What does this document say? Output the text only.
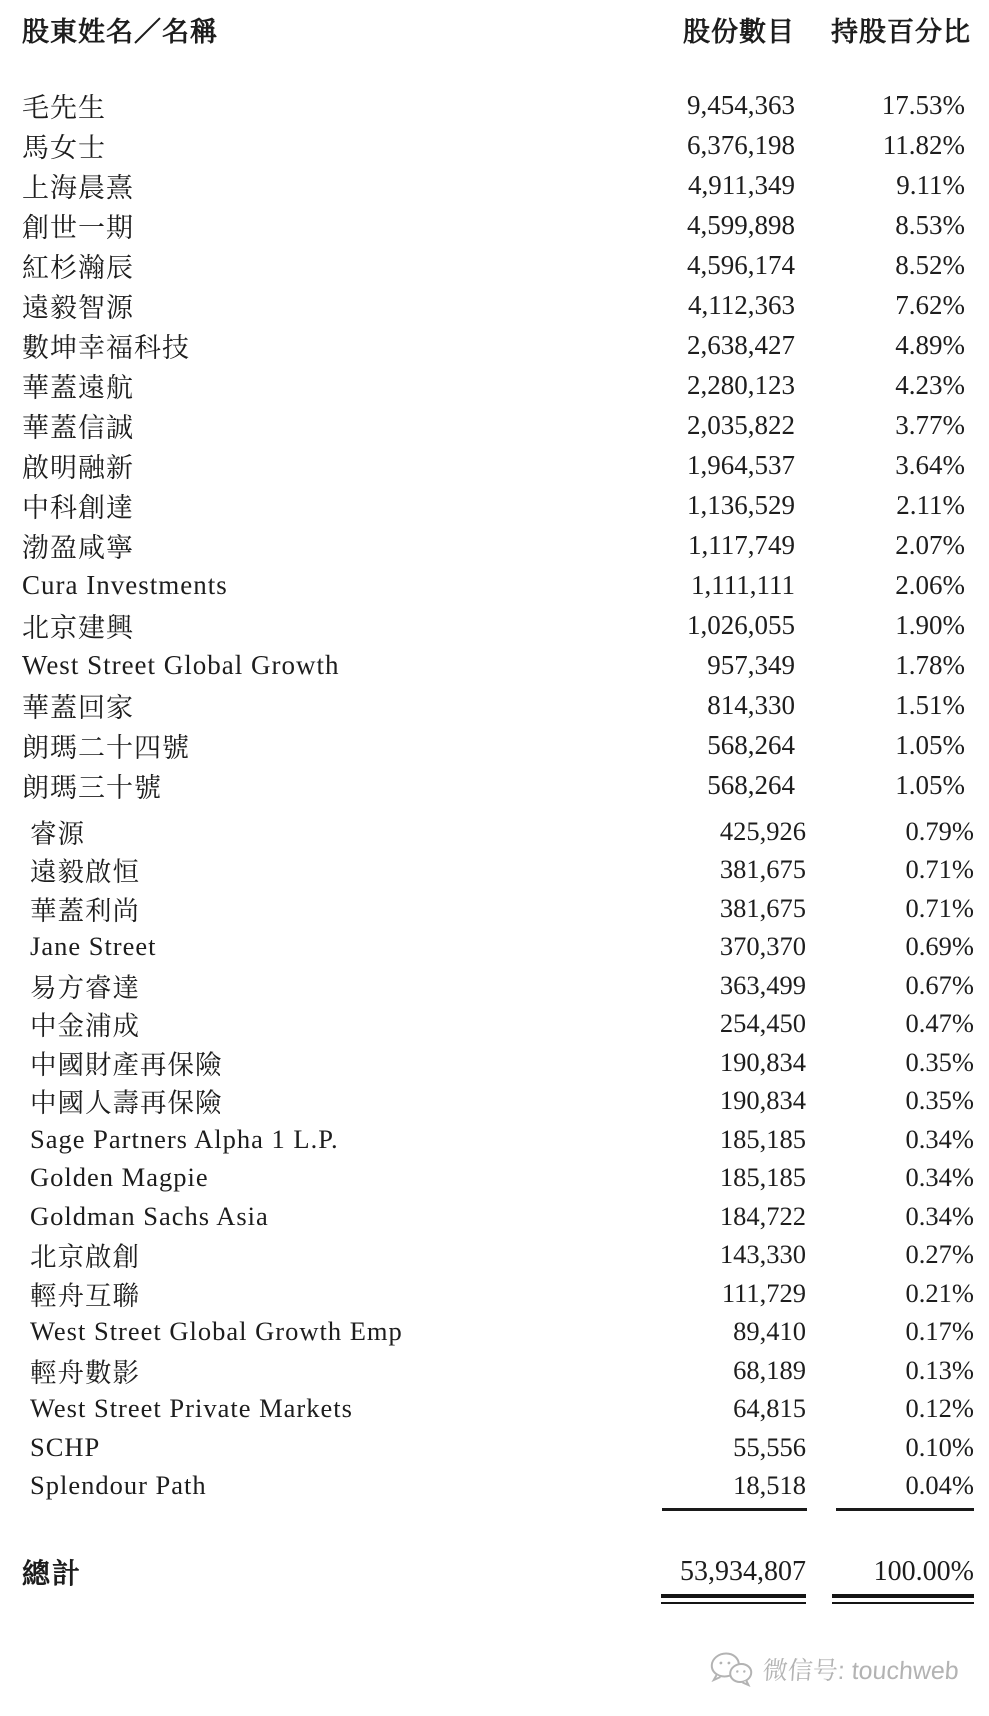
股東姓名／名稱	股份數目	持股百分比
毛先生	9,454,363	17.53%
馬女士	6,376,198	11.82%
上海晨熹	4,911,349	9.11%
創世一期	4,599,898	8.53%
紅杉瀚辰	4,596,174	8.52%
遠毅智源	4,112,363	7.62%
數坤幸福科技	2,638,427	4.89%
華蓋遠航	2,280,123	4.23%
華蓋信誠	2,035,822	3.77%
啟明融新	1,964,537	3.64%
中科創達	1,136,529	2.11%
渤盈咸寧	1,117,749	2.07%
Cura Investments	1,111,111	2.06%
北京建興	1,026,055	1.90%
West Street Global Growth	957,349	1.78%
華蓋回家	814,330	1.51%
朗瑪二十四號	568,264	1.05%
朗瑪三十號	568,264	1.05%
睿源	425,926	0.79%
遠毅啟恒	381,675	0.71%
華蓋利尚	381,675	0.71%
Jane Street	370,370	0.69%
易方睿達	363,499	0.67%
中金浦成	254,450	0.47%
中國財產再保險	190,834	0.35%
中國人壽再保險	190,834	0.35%
Sage Partners Alpha 1 L.P.	185,185	0.34%
Golden Magpie	185,185	0.34%
Goldman Sachs Asia	184,722	0.34%
北京啟創	143,330	0.27%
輕舟互聯	111,729	0.21%
West Street Global Growth Emp	89,410	0.17%
輕舟數影	68,189	0.13%
West Street Private Markets	64,815	0.12%
SCHP	55,556	0.10%
Splendour Path	18,518	0.04%
總計	53,934,807	100.00%
微信号: touchweb
